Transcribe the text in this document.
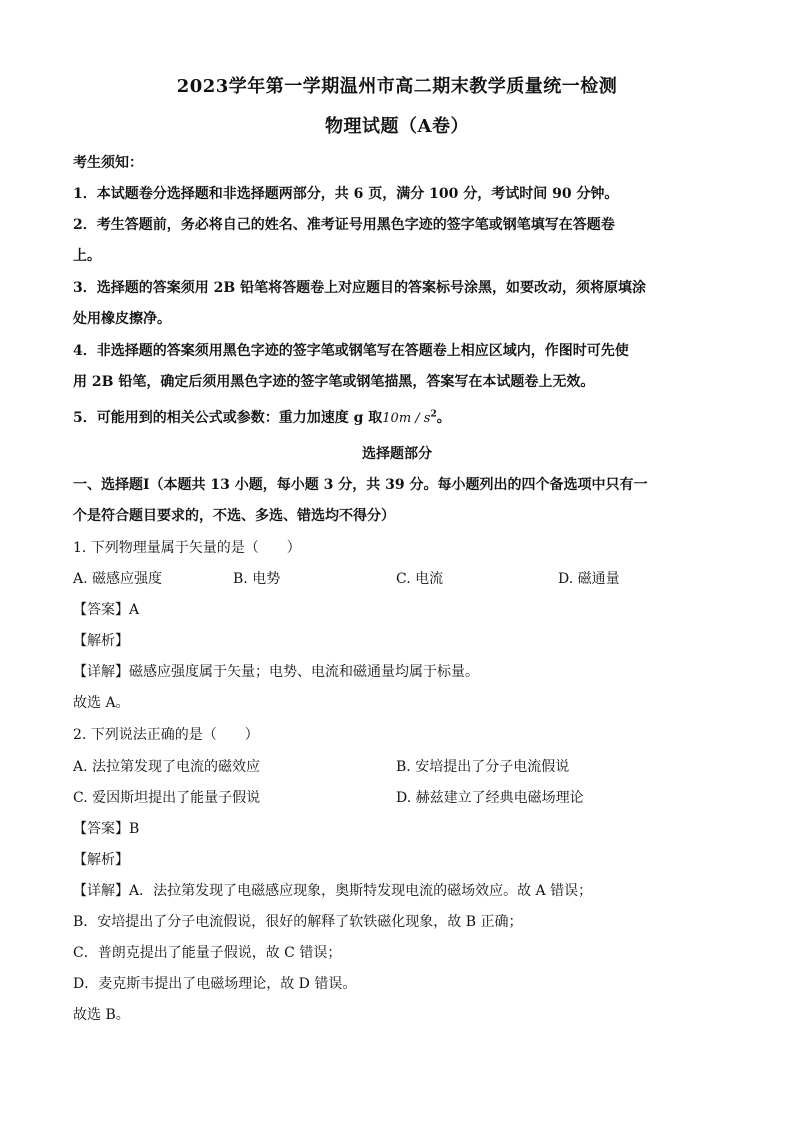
2023学年第一学期温州市高二期末教学质量统一检测
物理试题（A卷）
考生须知：
1．本试题卷分选择题和非选择题两部分，共 6 页，满分 100 分，考试时间 90 分钟。
2．考生答题前，务必将自己的姓名、准考证号用黑色字迹的签字笔或钢笔填写在答题卷
上。
3．选择题的答案须用 2B 铅笔将答题卷上对应题目的答案标号涂黑，如要改动，须将原填涂
处用橡皮擦净。
4．非选择题的答案须用黑色字迹的签字笔或钢笔写在答题卷上相应区域内，作图时可先使
用 2B 铅笔，确定后须用黑色字迹的签字笔或钢笔描黑，答案写在本试题卷上无效。
5．可能用到的相关公式或参数：重力加速度 g 取$10m / s^2$。
选择题部分
一、选择题Ⅰ（本题共 13 小题，每小题 3 分，共 39 分。每小题列出的四个备选项中只有一
个是符合题目要求的，不选、多选、错选均不得分）
1. 下列物理量属于矢量的是（　　）
A. 磁感应强度	B. 电势	C. 电流	D. 磁通量
【答案】A
【解析】
【详解】磁感应强度属于矢量；电势、电流和磁通量均属于标量。
故选 A。
2. 下列说法正确的是（　　）
A. 法拉第发现了电流的磁效应	B. 安培提出了分子电流假说
C. 爱因斯坦提出了能量子假说	D. 赫兹建立了经典电磁场理论
【答案】B
【解析】
【详解】A．法拉第发现了电磁感应现象，奥斯特发现电流的磁场效应。故 A 错误；
B．安培提出了分子电流假说，很好的解释了软铁磁化现象，故 B 正确；
C．普朗克提出了能量子假说，故 C 错误；
D．麦克斯韦提出了电磁场理论，故 D 错误。
故选 B。
